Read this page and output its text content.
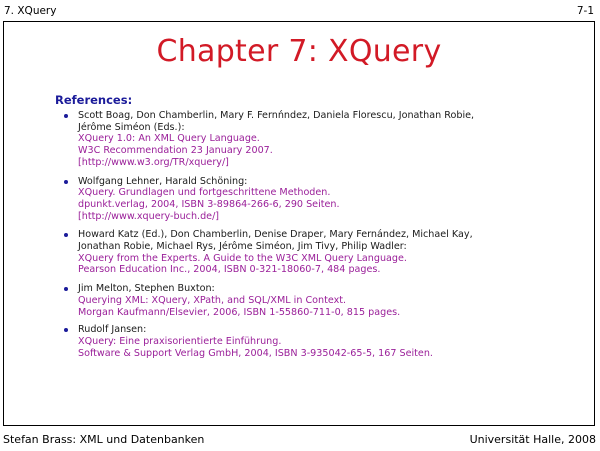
7. XQuery	7-1
Chapter 7: XQuery
References:
Scott Boag, Don Chamberlin, Mary F. Fernńndez, Daniela Florescu, Jonathan Robie,
Jérôme Siméon (Eds.):
XQuery 1.0: An XML Query Language.
W3C Recommendation 23 January 2007.
[http://www.w3.org/TR/xquery/]
Wolfgang Lehner, Harald Schöning:
XQuery. Grundlagen und fortgeschrittene Methoden.
dpunkt.verlag, 2004, ISBN 3-89864-266-6, 290 Seiten.
[http://www.xquery-buch.de/]
Howard Katz (Ed.), Don Chamberlin, Denise Draper, Mary Fernández, Michael Kay,
Jonathan Robie, Michael Rys, Jérôme Siméon, Jim Tivy, Philip Wadler:
XQuery from the Experts. A Guide to the W3C XML Query Language.
Pearson Education Inc., 2004, ISBN 0-321-18060-7, 484 pages.
Jim Melton, Stephen Buxton:
Querying XML: XQuery, XPath, and SQL/XML in Context.
Morgan Kaufmann/Elsevier, 2006, ISBN 1-55860-711-0, 815 pages.
Rudolf Jansen:
XQuery: Eine praxisorientierte Einführung.
Software & Support Verlag GmbH, 2004, ISBN 3-935042-65-5, 167 Seiten.
Stefan Brass: XML und Datenbanken	Universität Halle, 2008
